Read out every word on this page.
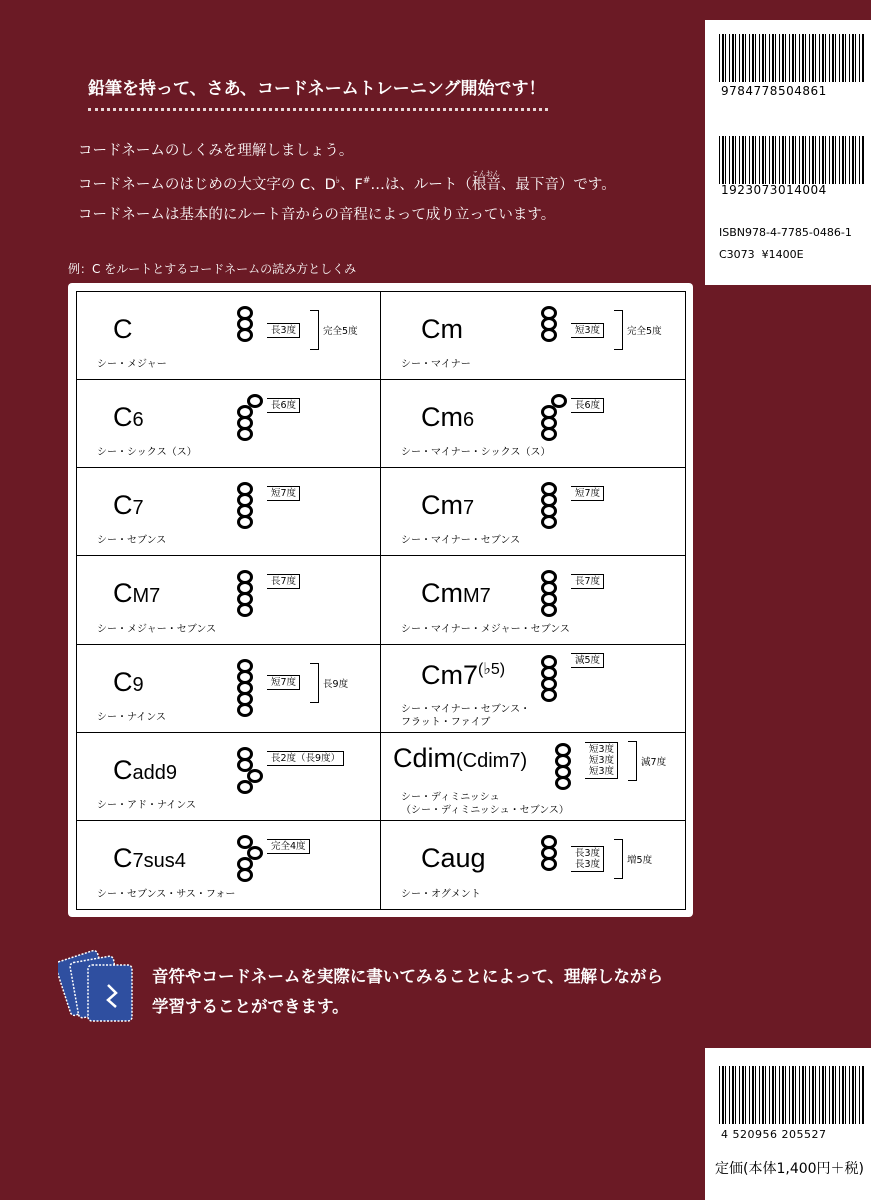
鉛筆を持って、さあ、コードネームトレーニング開始です！
コードネームのしくみを理解しましょう。
コードネームのはじめの大文字の C、D♭、F#…は、ルート（
こんおん
根音、最下音）です。
コードネームは基本的にルート音からの音程によって成り立っています。
例：C をルートとするコードネームの読み方としくみ
C	長3度	完全5度
シー・メジャー
Cm	短3度	完全5度
シー・マイナー
C6
長6度
シー・シックス（ス）
Cm6
長6度
シー・マイナー・シックス（ス）
C7
短7度
シー・セブンス
Cm7
短7度
シー・マイナー・セブンス
CM7
長7度
シー・メジャー・セブンス
CmM7
長7度
シー・マイナー・メジャー・セブンス
C9	短7度	長9度
シー・ナインス
$Cm7^{(♭5)}$
減5度
シー・マイナー・セブンス・
フラット・ファイブ
Cadd9
長2度（長9度）
シー・アド・ナインス
Cdim(Cdim7)	短3度
短3度
短3度
減7度
シー・ディミニッシュ
（シー・ディミニッシュ・セブンス）
C7sus4
完全4度
シー・セブンス・サス・フォー
Caug	長3度
長3度	増5度
シー・オグメント
音符やコードネームを実際に書いてみることによって、理解しながら
学習することができます。
9784778504861
1923073014004
ISBN978-4-7785-0486-1
C3073  ¥1400E
4 520956 205527
定価(本体1,400円＋税)
